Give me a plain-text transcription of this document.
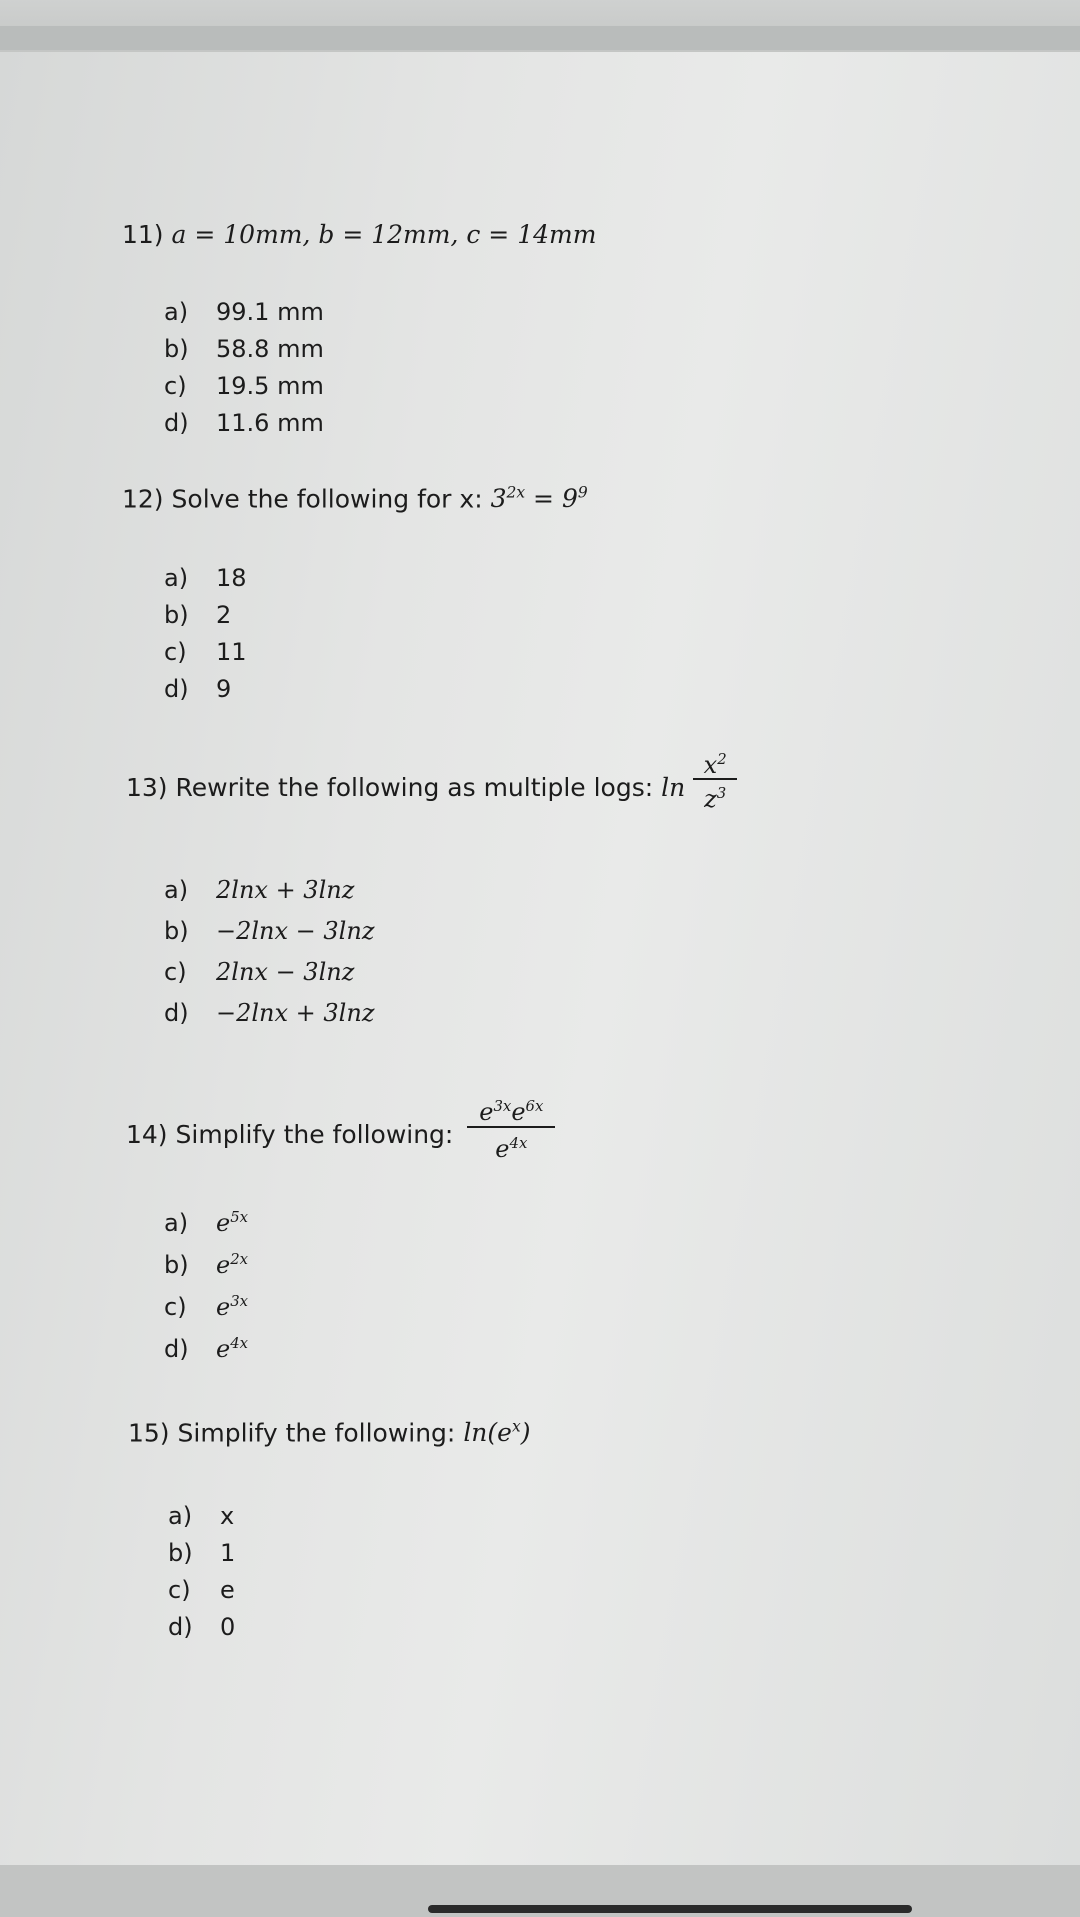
11) a = 10mm, b = 12mm, c = 14mm
a) 99.1 mm
b) 58.8 mm
c) 19.5 mm
d) 11.6 mm
12) Solve the following for x: $3^{2x} = 9^9$
a) 18
b) 2
c) 11
d) 9
13) Rewrite the following as multiple logs: $\ln \frac{x^2}{z^3}$
a) 2lnx + 3lnz
b) −2lnx − 3lnz
c) 2lnx − 3lnz
d) −2lnx + 3lnz
14) Simplify the following: $\frac{e^{3x}e^{6x}}{e^{4x}}$
a) $e^{5x}$
b) $e^{2x}$
c) $e^{3x}$
d) $e^{4x}$
15) Simplify the following: $\ln(e^x)$
a) x
b) 1
c) e
d) 0
